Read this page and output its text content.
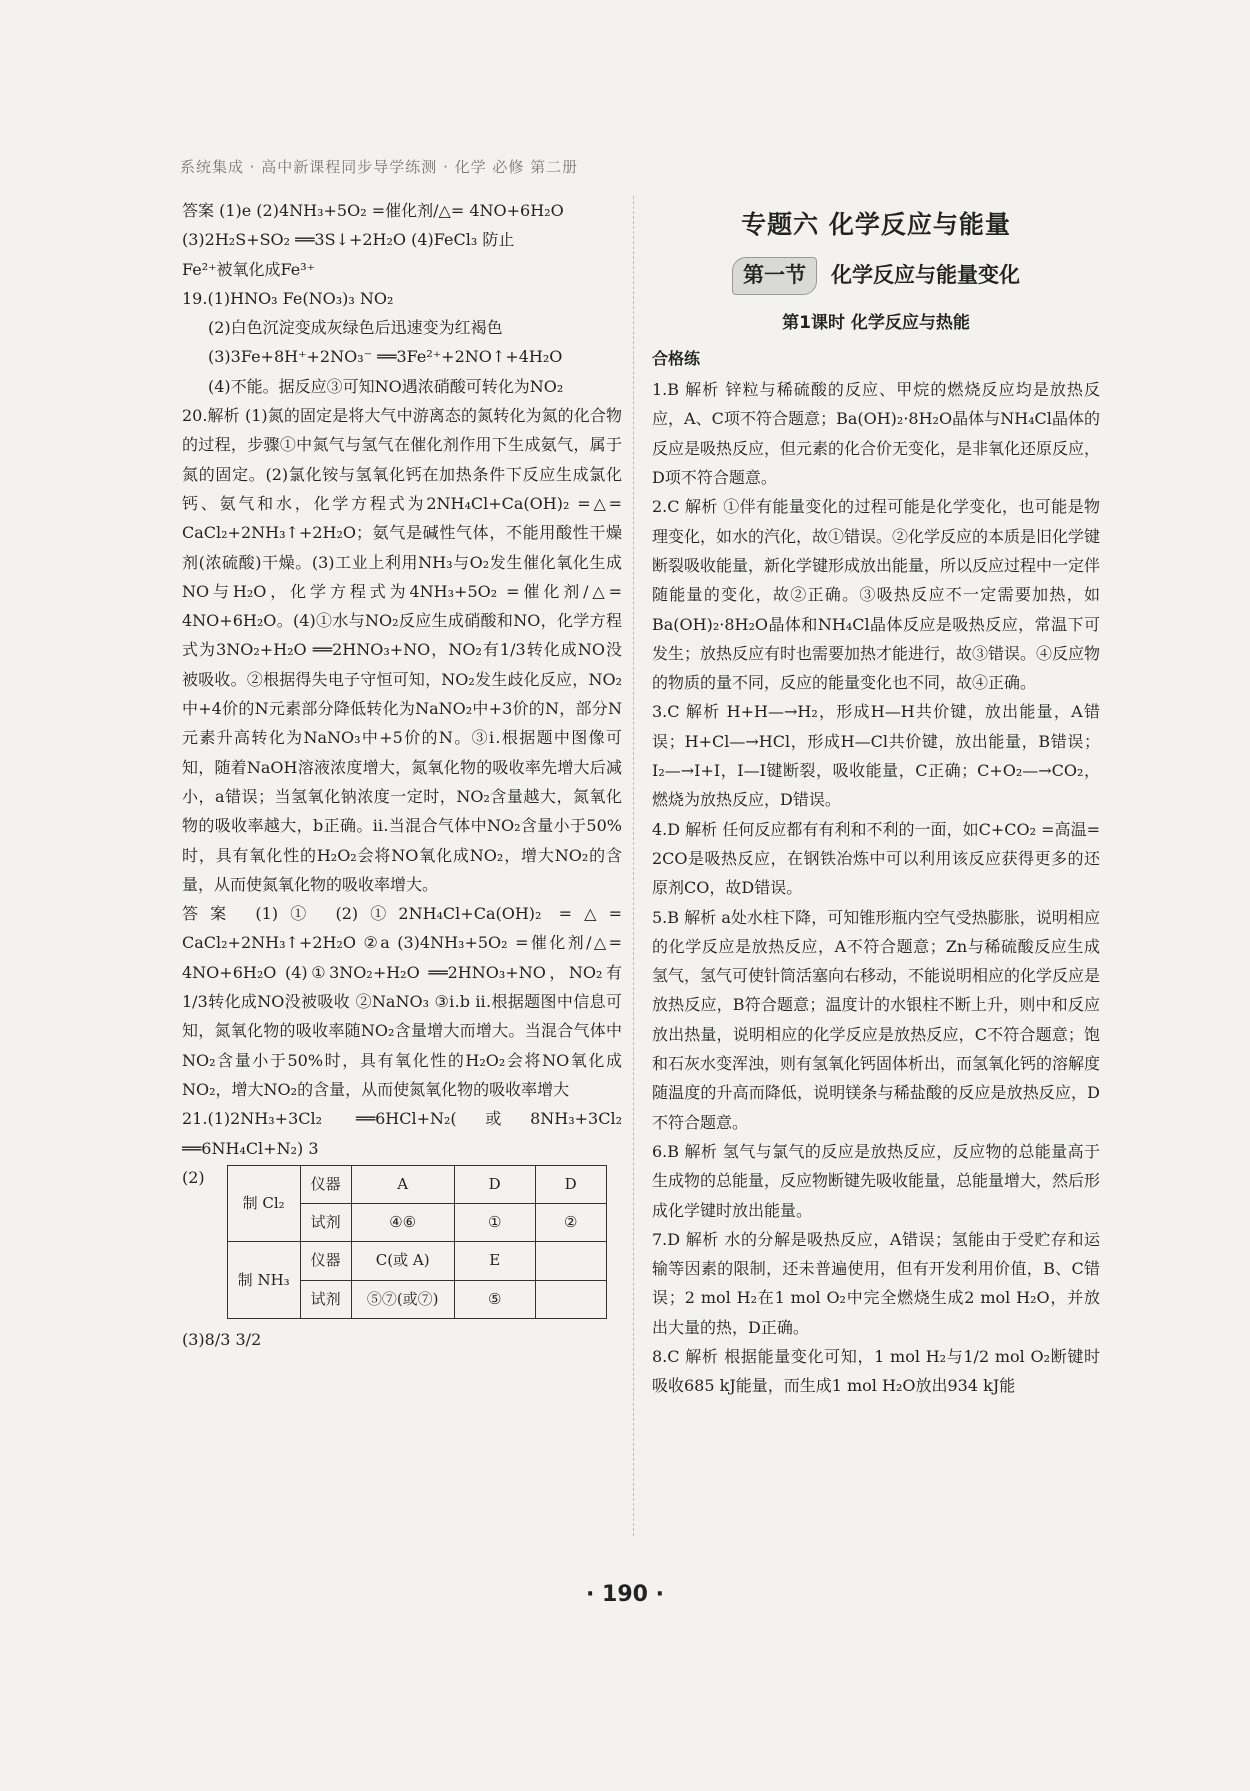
系统集成 · 高中新课程同步导学练测 · 化学 必修 第二册

答案 (1)e (2)4NH₃+5O₂ =催化剂/△= 4NO+6H₂O

(3)2H₂S+SO₂ ══3S↓+2H₂O (4)FeCl₃ 防止

Fe²⁺被氧化成Fe³⁺

19.(1)HNO₃ Fe(NO₃)₃ NO₂

(2)白色沉淀变成灰绿色后迅速变为红褐色

(3)3Fe+8H⁺+2NO₃⁻ ══3Fe²⁺+2NO↑+4H₂O

(4)不能。据反应③可知NO遇浓硝酸可转化为NO₂

20.解析 (1)氮的固定是将大气中游离态的氮转化为氮的化合物的过程，步骤①中氮气与氢气在催化剂作用下生成氨气，属于氮的固定。(2)氯化铵与氢氧化钙在加热条件下反应生成氯化钙、氨气和水，化学方程式为2NH₄Cl+Ca(OH)₂ =△= CaCl₂+2NH₃↑+2H₂O；氨气是碱性气体，不能用酸性干燥剂(浓硫酸)干燥。(3)工业上利用NH₃与O₂发生催化氧化生成NO与H₂O，化学方程式为4NH₃+5O₂ =催化剂/△= 4NO+6H₂O。(4)①水与NO₂反应生成硝酸和NO，化学方程式为3NO₂+H₂O ══2HNO₃+NO，NO₂有1/3转化成NO没被吸收。②根据得失电子守恒可知，NO₂发生歧化反应，NO₂中+4价的N元素部分降低转化为NaNO₂中+3价的N，部分N元素升高转化为NaNO₃中+5价的N。③ⅰ.根据题中图像可知，随着NaOH溶液浓度增大，氮氧化物的吸收率先增大后减小，a错误；当氢氧化钠浓度一定时，NO₂含量越大，氮氧化物的吸收率越大，b正确。ⅱ.当混合气体中NO₂含量小于50%时，具有氧化性的H₂O₂会将NO氧化成NO₂，增大NO₂的含量，从而使氮氧化物的吸收率增大。

答案 (1)① (2)①2NH₄Cl+Ca(OH)₂ =△= CaCl₂+2NH₃↑+2H₂O ②a (3)4NH₃+5O₂ =催化剂/△= 4NO+6H₂O (4)①3NO₂+H₂O ══2HNO₃+NO，NO₂有1/3转化成NO没被吸收 ②NaNO₃ ③ⅰ.b ⅱ.根据题图中信息可知，氮氧化物的吸收率随NO₂含量增大而增大。当混合气体中NO₂含量小于50%时，具有氧化性的H₂O₂会将NO氧化成NO₂，增大NO₂的含量，从而使氮氧化物的吸收率增大

21.(1)2NH₃+3Cl₂ ══6HCl+N₂(或8NH₃+3Cl₂ ══6NH₄Cl+N₂) 3

(2)
制 Cl₂	仪器	A	D	D
	试剂	④⑥	①	②
制 NH₃	仪器	C(或 A)	E	
	试剂	⑤⑦(或⑦)	⑤	

(3)8/3 3/2

专题六 化学反应与能量
第一节	化学反应与能量变化
第1课时 化学反应与热能
合格练

1.B 解析 锌粒与稀硫酸的反应、甲烷的燃烧反应均是放热反应，A、C项不符合题意；Ba(OH)₂·8H₂O晶体与NH₄Cl晶体的反应是吸热反应，但元素的化合价无变化，是非氧化还原反应，D项不符合题意。

2.C 解析 ①伴有能量变化的过程可能是化学变化，也可能是物理变化，如水的汽化，故①错误。②化学反应的本质是旧化学键断裂吸收能量，新化学键形成放出能量，所以反应过程中一定伴随能量的变化，故②正确。③吸热反应不一定需要加热，如Ba(OH)₂·8H₂O晶体和NH₄Cl晶体反应是吸热反应，常温下可发生；放热反应有时也需要加热才能进行，故③错误。④反应物的物质的量不同，反应的能量变化也不同，故④正确。

3.C 解析 H+H—→H₂，形成H—H共价键，放出能量，A错误；H+Cl—→HCl，形成H—Cl共价键，放出能量，B错误；I₂—→I+I，I—I键断裂，吸收能量，C正确；C+O₂—→CO₂，燃烧为放热反应，D错误。

4.D 解析 任何反应都有有利和不利的一面，如C+CO₂ =高温= 2CO是吸热反应，在钢铁冶炼中可以利用该反应获得更多的还原剂CO，故D错误。

5.B 解析 a处水柱下降，可知锥形瓶内空气受热膨胀，说明相应的化学反应是放热反应，A不符合题意；Zn与稀硫酸反应生成氢气，氢气可使针筒活塞向右移动，不能说明相应的化学反应是放热反应，B符合题意；温度计的水银柱不断上升，则中和反应放出热量，说明相应的化学反应是放热反应，C不符合题意；饱和石灰水变浑浊，则有氢氧化钙固体析出，而氢氧化钙的溶解度随温度的升高而降低，说明镁条与稀盐酸的反应是放热反应，D不符合题意。

6.B 解析 氢气与氯气的反应是放热反应，反应物的总能量高于生成物的总能量，反应物断键先吸收能量，总能量增大，然后形成化学键时放出能量。

7.D 解析 水的分解是吸热反应，A错误；氢能由于受贮存和运输等因素的限制，还未普遍使用，但有开发利用价值，B、C错误；2 mol H₂在1 mol O₂中完全燃烧生成2 mol H₂O，并放出大量的热，D正确。

8.C 解析 根据能量变化可知，1 mol H₂与1/2 mol O₂断键时吸收685 kJ能量，而生成1 mol H₂O放出934 kJ能

· 190 ·
